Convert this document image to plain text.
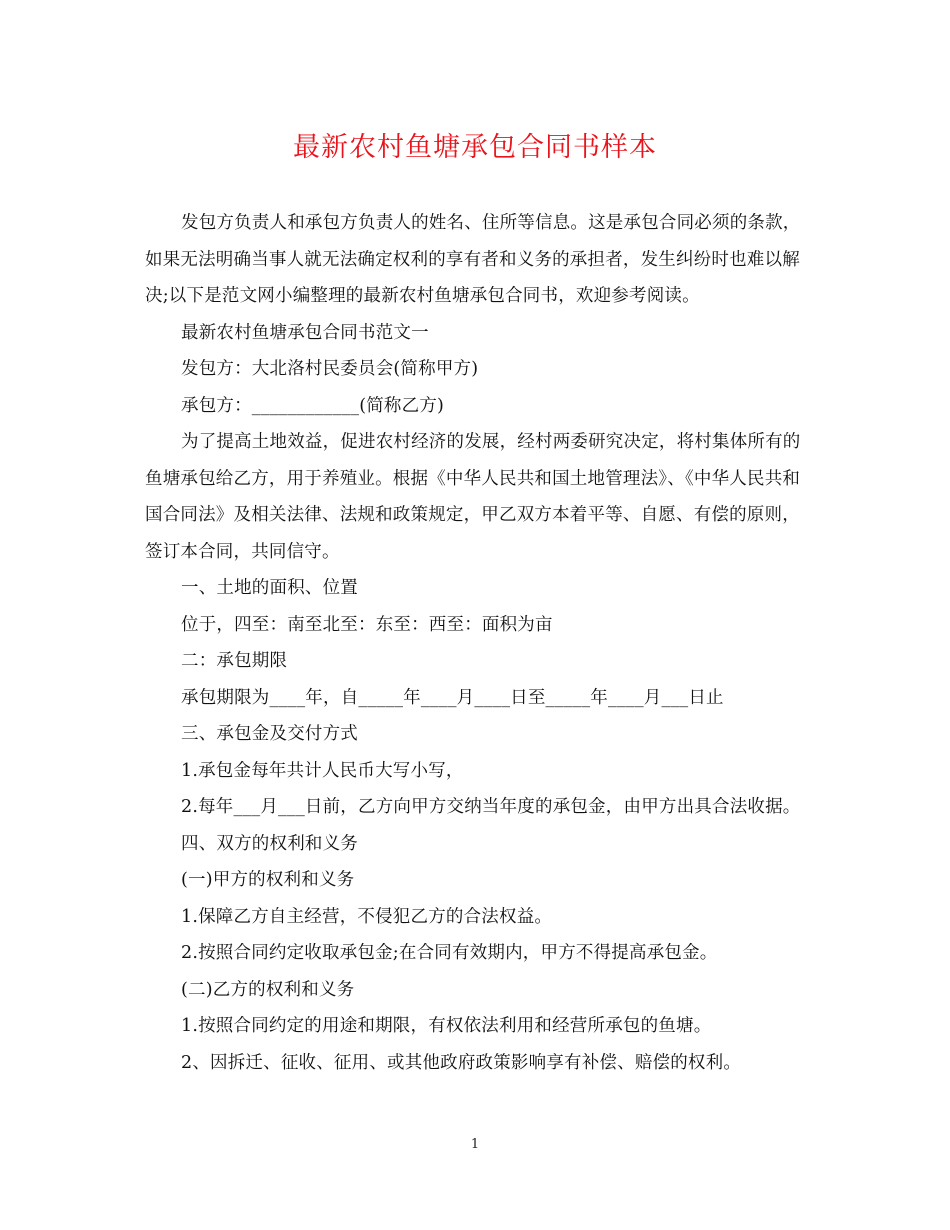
最新农村鱼塘承包合同书样本

发包方负责人和承包方负责人的姓名、住所等信息。这是承包合同必须的条款，如果无法明确当事人就无法确定权利的享有者和义务的承担者，发生纠纷时也难以解决;以下是范文网小编整理的最新农村鱼塘承包合同书，欢迎参考阅读。

最新农村鱼塘承包合同书范文一

发包方：大北洛村民委员会(简称甲方)

承包方：____________(简称乙方)

为了提高土地效益，促进农村经济的发展，经村两委研究决定，将村集体所有的鱼塘承包给乙方，用于养殖业。根据《中华人民共和国土地管理法》、《中华人民共和国合同法》及相关法律、法规和政策规定，甲乙双方本着平等、自愿、有偿的原则，签订本合同，共同信守。

一、土地的面积、位置

位于，四至：南至北至：东至：西至：面积为亩

二：承包期限

承包期限为____年，自_____年____月____日至_____年____月___日止

三、承包金及交付方式

1.承包金每年共计人民币大写小写，

2.每年___月___日前，乙方向甲方交纳当年度的承包金，由甲方出具合法收据。

四、双方的权利和义务

(一)甲方的权利和义务

1.保障乙方自主经营，不侵犯乙方的合法权益。

2.按照合同约定收取承包金;在合同有效期内，甲方不得提高承包金。

(二)乙方的权利和义务

1.按照合同约定的用途和期限，有权依法利用和经营所承包的鱼塘。

2、因拆迁、征收、征用、或其他政府政策影响享有补偿、赔偿的权利。

1
